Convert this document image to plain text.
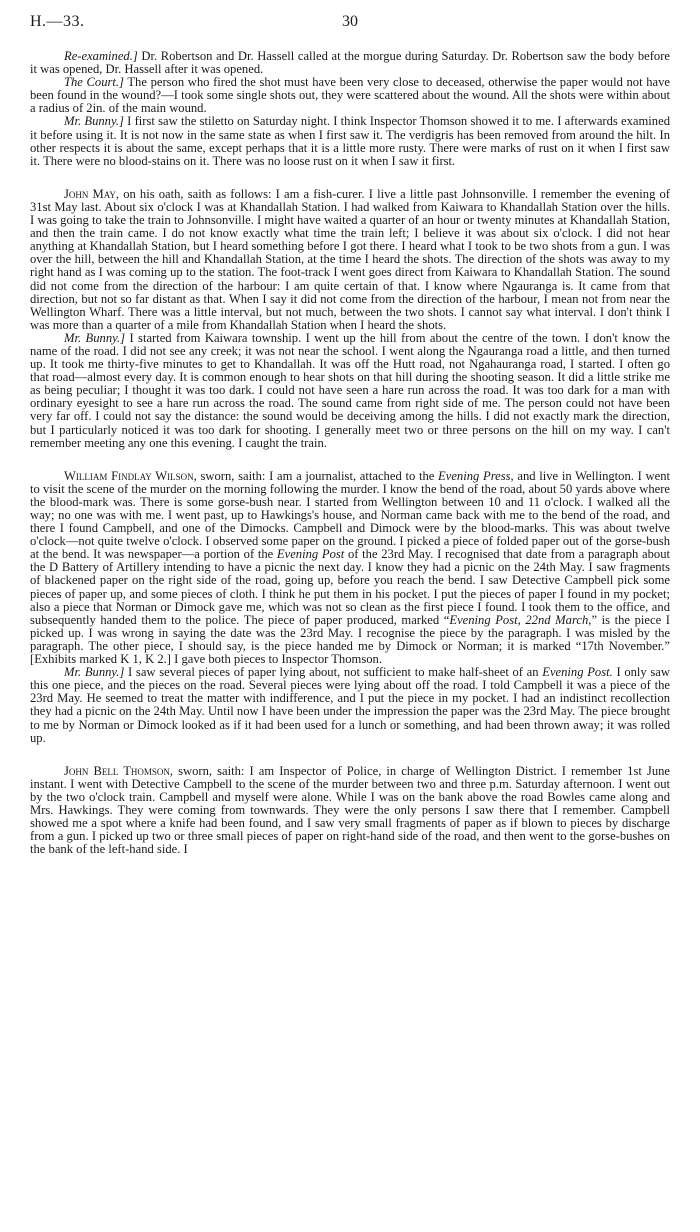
H.—33.	30

Re-examined.] Dr. Robertson and Dr. Hassell called at the morgue during Saturday. Dr. Robertson saw the body before it was opened, Dr. Hassell after it was opened.

The Court.] The person who fired the shot must have been very close to deceased, otherwise the paper would not have been found in the wound?—I took some single shots out, they were scattered about the wound. All the shots were within about a radius of 2in. of the main wound.

Mr. Bunny.] I first saw the stiletto on Saturday night. I think Inspector Thomson showed it to me. I afterwards examined it before using it. It is not now in the same state as when I first saw it. The verdigris has been removed from around the hilt. In other respects it is about the same, except perhaps that it is a little more rusty. There were marks of rust on it when I first saw it. There were no blood-stains on it. There was no loose rust on it when I saw it first.

John May, on his oath, saith as follows: I am a fish-curer. I live a little past Johnsonville. I remember the evening of 31st May last. About six o'clock I was at Khandallah Station. I had walked from Kaiwara to Khandallah Station over the hills. I was going to take the train to Johnsonville. I might have waited a quarter of an hour or twenty minutes at Khandallah Station, and then the train came. I do not know exactly what time the train left; I believe it was about six o'clock. I did not hear anything at Khandallah Station, but I heard something before I got there. I heard what I took to be two shots from a gun. I was over the hill, between the hill and Khandallah Station, at the time I heard the shots. The direction of the shots was away to my right hand as I was coming up to the station. The foot-track I went goes direct from Kaiwara to Khandallah Station. The sound did not come from the direction of the harbour: I am quite certain of that. I know where Ngauranga is. It came from that direction, but not so far distant as that. When I say it did not come from the direction of the harbour, I mean not from near the Wellington Wharf. There was a little interval, but not much, between the two shots. I cannot say what interval. I don't think I was more than a quarter of a mile from Khandallah Station when I heard the shots.

Mr. Bunny.] I started from Kaiwara township. I went up the hill from about the centre of the town. I don't know the name of the road. I did not see any creek; it was not near the school. I went along the Ngauranga road a little, and then turned up. It took me thirty-five minutes to get to Khandallah. It was off the Hutt road, not Ngahauranga road, I started. I often go that road—almost every day. It is common enough to hear shots on that hill during the shooting season. It did a little strike me as being peculiar; I thought it was too dark. I could not have seen a hare run across the road. It was too dark for a man with ordinary eyesight to see a hare run across the road. The sound came from right side of me. The person could not have been very far off. I could not say the distance: the sound would be deceiving among the hills. I did not exactly mark the direction, but I particularly noticed it was too dark for shooting. I generally meet two or three persons on the hill on my way. I can't remember meeting any one this evening. I caught the train.

William Findlay Wilson, sworn, saith: I am a journalist, attached to the Evening Press, and live in Wellington. I went to visit the scene of the murder on the morning following the murder. I know the bend of the road, about 50 yards above where the blood-mark was. There is some gorse-bush near. I started from Wellington between 10 and 11 o'clock. I walked all the way; no one was with me. I went past, up to Hawkings's house, and Norman came back with me to the bend of the road, and there I found Campbell, and one of the Dimocks. Campbell and Dimock were by the blood-marks. This was about twelve o'clock—not quite twelve o'clock. I observed some paper on the ground. I picked a piece of folded paper out of the gorse-bush at the bend. It was newspaper—a portion of the Evening Post of the 23rd May. I recognised that date from a paragraph about the D Battery of Artillery intending to have a picnic the next day. I know they had a picnic on the 24th May. I saw fragments of blackened paper on the right side of the road, going up, before you reach the bend. I saw Detective Campbell pick some pieces of paper up, and some pieces of cloth. I think he put them in his pocket. I put the pieces of paper I found in my pocket; also a piece that Norman or Dimock gave me, which was not so clean as the first piece I found. I took them to the office, and subsequently handed them to the police. The piece of paper produced, marked “Evening Post, 22nd March,” is the piece I picked up. I was wrong in saying the date was the 23rd May. I recognise the piece by the paragraph. I was misled by the paragraph. The other piece, I should say, is the piece handed me by Dimock or Norman; it is marked “17th November.” [Exhibits marked K 1, K 2.] I gave both pieces to Inspector Thomson.

Mr. Bunny.] I saw several pieces of paper lying about, not sufficient to make half-sheet of an Evening Post. I only saw this one piece, and the pieces on the road. Several pieces were lying about off the road. I told Campbell it was a piece of the 23rd May. He seemed to treat the matter with indifference, and I put the piece in my pocket. I had an indistinct recollection they had a picnic on the 24th May. Until now I have been under the impression the paper was the 23rd May. The piece brought to me by Norman or Dimock looked as if it had been used for a lunch or something, and had been thrown away; it was rolled up.

John Bell Thomson, sworn, saith: I am Inspector of Police, in charge of Wellington District. I remember 1st June instant. I went with Detective Campbell to the scene of the murder between two and three p.m. Saturday afternoon. I went out by the two o'clock train. Campbell and myself were alone. While I was on the bank above the road Bowles came along and Mrs. Hawkings. They were coming from townwards. They were the only persons I saw there that I remember. Campbell showed me a spot where a knife had been found, and I saw very small fragments of paper as if blown to pieces by discharge from a gun. I picked up two or three small pieces of paper on right-hand side of the road, and then went to the gorse-bushes on the bank of the left-hand side. I
